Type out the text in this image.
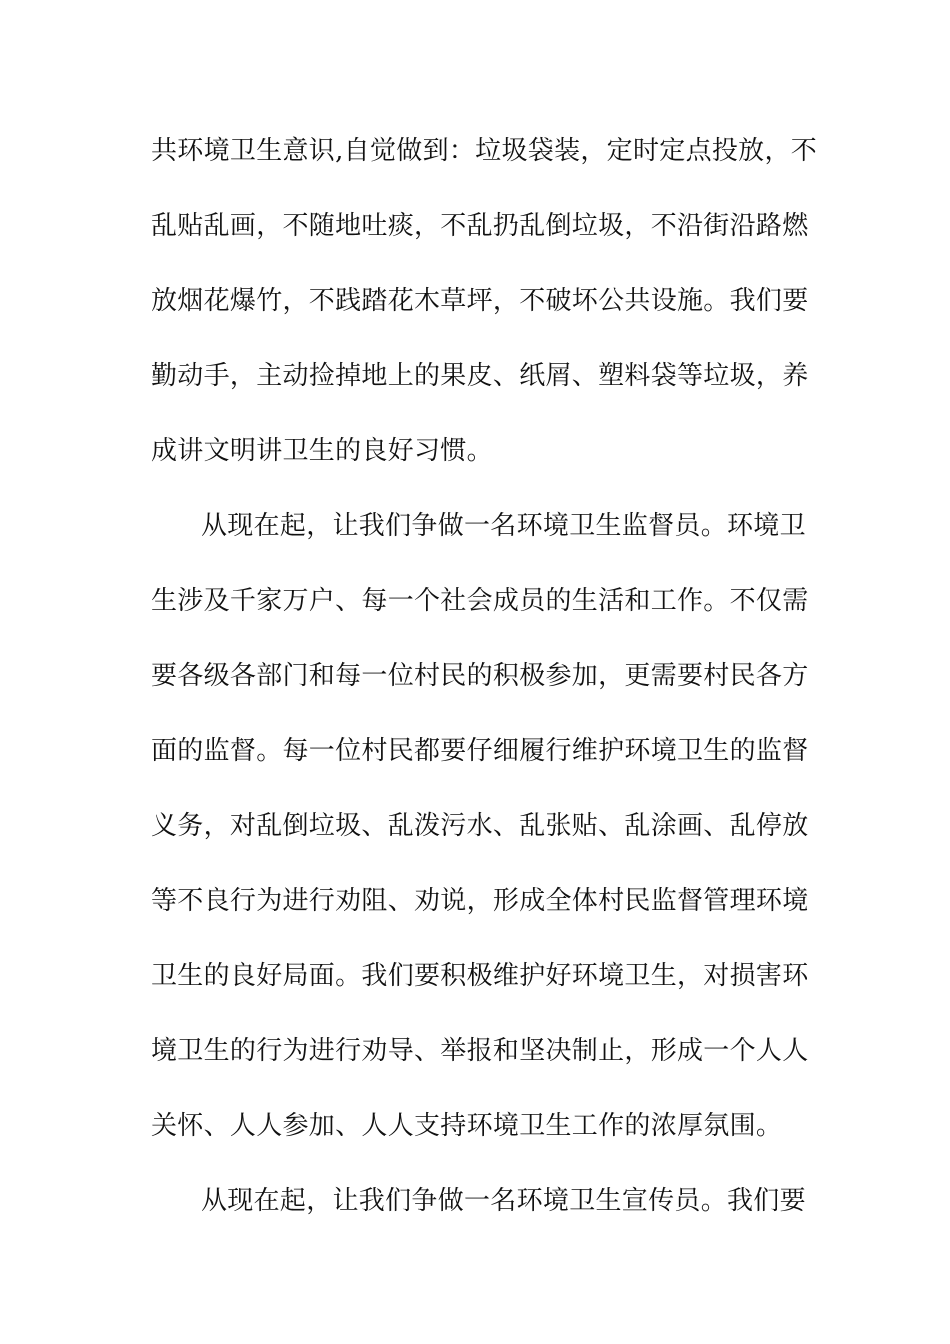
共环境卫生意识,自觉做到：垃圾袋装，定时定点投放，不
乱贴乱画，不随地吐痰，不乱扔乱倒垃圾，不沿街沿路燃
放烟花爆竹，不践踏花木草坪，不破坏公共设施。我们要
勤动手，主动捡掉地上的果皮、纸屑、塑料袋等垃圾，养
成讲文明讲卫生的良好习惯。
从现在起，让我们争做一名环境卫生监督员。环境卫
生涉及千家万户、每一个社会成员的生活和工作。不仅需
要各级各部门和每一位村民的积极参加，更需要村民各方
面的监督。每一位村民都要仔细履行维护环境卫生的监督
义务，对乱倒垃圾、乱泼污水、乱张贴、乱涂画、乱停放
等不良行为进行劝阻、劝说，形成全体村民监督管理环境
卫生的良好局面。我们要积极维护好环境卫生，对损害环
境卫生的行为进行劝导、举报和坚决制止，形成一个人人
关怀、人人参加、人人支持环境卫生工作的浓厚氛围。
从现在起，让我们争做一名环境卫生宣传员。我们要
